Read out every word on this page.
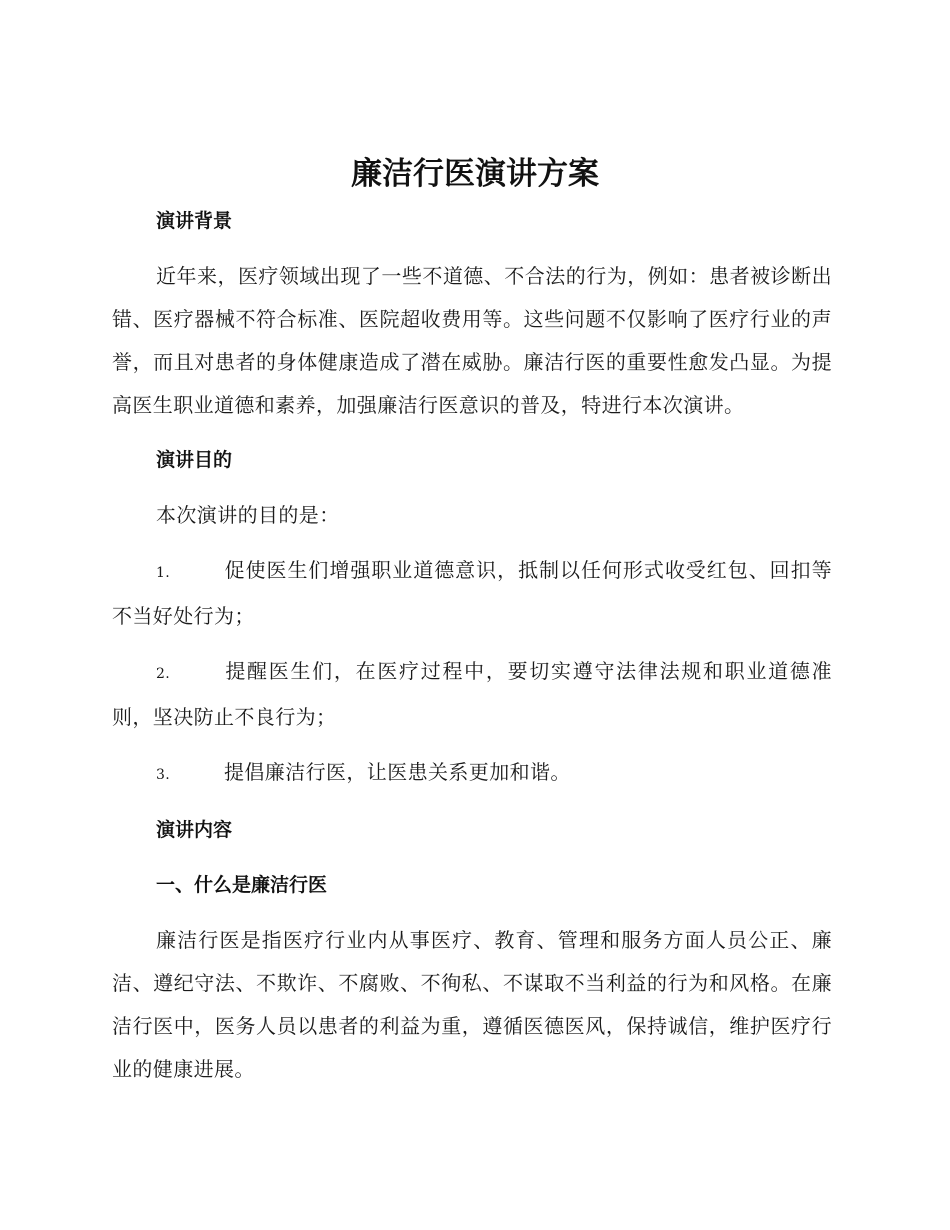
廉洁行医演讲方案
演讲背景

近年来，医疗领域出现了一些不道德、不合法的行为，例如：患者被诊断出错、医疗器械不符合标准、医院超收费用等。这些问题不仅影响了医疗行业的声誉，而且对患者的身体健康造成了潜在威胁。廉洁行医的重要性愈发凸显。为提高医生职业道德和素养，加强廉洁行医意识的普及，特进行本次演讲。

演讲目的

本次演讲的目的是：

1.	促使医生们增强职业道德意识，抵制以任何形式收受红包、回扣等不当好处行为；
2.	提醒医生们，在医疗过程中，要切实遵守法律法规和职业道德准则，坚决防止不良行为；
3.	提倡廉洁行医，让医患关系更加和谐。
演讲内容
一、什么是廉洁行医

廉洁行医是指医疗行业内从事医疗、教育、管理和服务方面人员公正、廉洁、遵纪守法、不欺诈、不腐败、不徇私、不谋取不当利益的行为和风格。在廉洁行医中，医务人员以患者的利益为重，遵循医德医风，保持诚信，维护医疗行业的健康进展。
